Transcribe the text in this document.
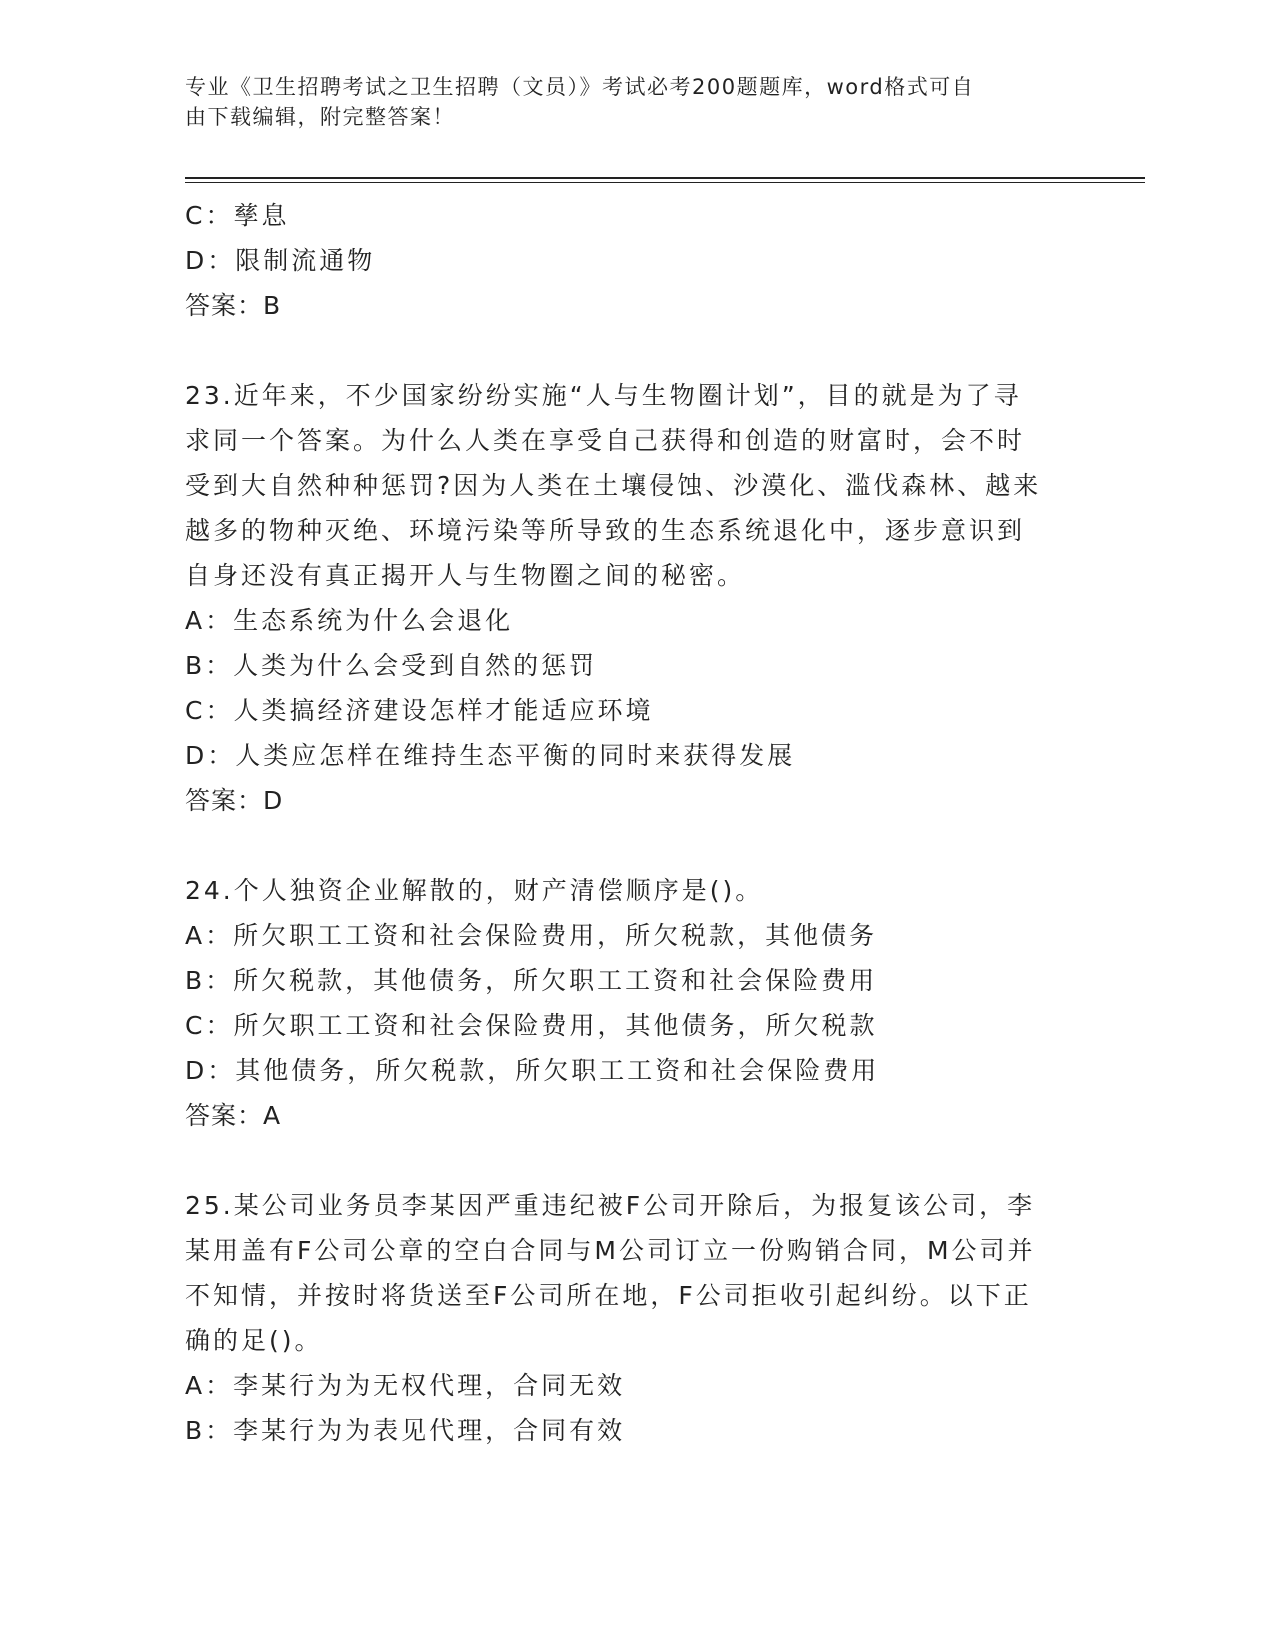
专业《卫生招聘考试之卫生招聘（文员）》考试必考200题题库，word格式可自
由下载编辑，附完整答案！
C：孳息
D：限制流通物
答案：B
23.近年来，不少国家纷纷实施“人与生物圈计划”，目的就是为了寻
求同一个答案。为什么人类在享受自己获得和创造的财富时，会不时
受到大自然种种惩罚?因为人类在土壤侵蚀、沙漠化、滥伐森林、越来
越多的物种灭绝、环境污染等所导致的生态系统退化中，逐步意识到
自身还没有真正揭开人与生物圈之间的秘密。
A：生态系统为什么会退化
B：人类为什么会受到自然的惩罚
C：人类搞经济建设怎样才能适应环境
D：人类应怎样在维持生态平衡的同时来获得发展
答案：D
24.个人独资企业解散的，财产清偿顺序是()。
A：所欠职工工资和社会保险费用，所欠税款，其他债务
B：所欠税款，其他债务，所欠职工工资和社会保险费用
C：所欠职工工资和社会保险费用，其他债务，所欠税款
D：其他债务，所欠税款，所欠职工工资和社会保险费用
答案：A
25.某公司业务员李某因严重违纪被F公司开除后，为报复该公司，李
某用盖有F公司公章的空白合同与M公司订立一份购销合同，M公司并
不知情，并按时将货送至F公司所在地，F公司拒收引起纠纷。以下正
确的足()。
A：李某行为为无权代理，合同无效
B：李某行为为表见代理，合同有效
